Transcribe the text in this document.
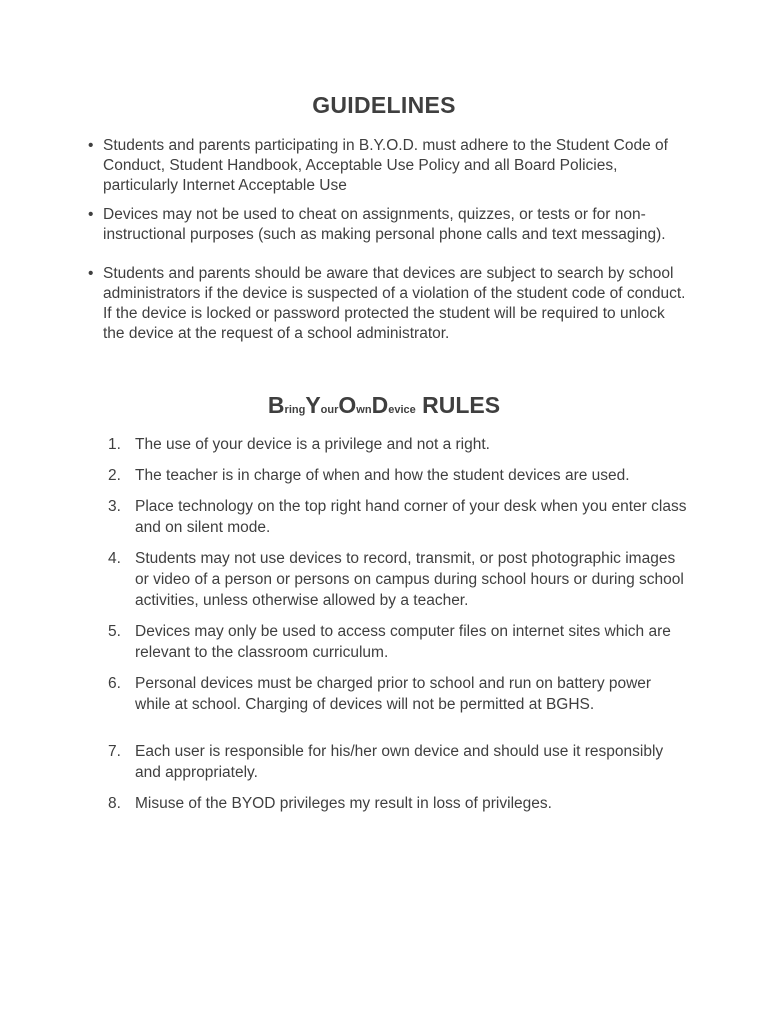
GUIDELINES
• Students and parents participating in B.Y.O.D. must adhere to the Student Code of Conduct, Student Handbook, Acceptable Use Policy and all Board Policies, particularly Internet Acceptable Use
• Devices may not be used to cheat on assignments, quizzes, or tests or for non-instructional purposes (such as making personal phone calls and text messaging).
• Students and parents should be aware that devices are subject to search by school administrators if the device is suspected of a violation of the student code of conduct. If the device is locked or password protected the student will be required to unlock the device at the request of a school administrator.
BringYourOwnDevice RULES
1. The use of your device is a privilege and not a right.
2. The teacher is in charge of when and how the student devices are used.
3. Place technology on the top right hand corner of your desk when you enter class and on silent mode.
4. Students may not use devices to record, transmit, or post photographic images or video of a person or persons on campus during school hours or during school activities, unless otherwise allowed by a teacher.
5. Devices may only be used to access computer files on internet sites which are relevant to the classroom curriculum.
6. Personal devices must be charged prior to school and run on battery power while at school. Charging of devices will not be permitted at BGHS.
7. Each user is responsible for his/her own device and should use it responsibly and appropriately.
8. Misuse of the BYOD privileges my result in loss of privileges.
